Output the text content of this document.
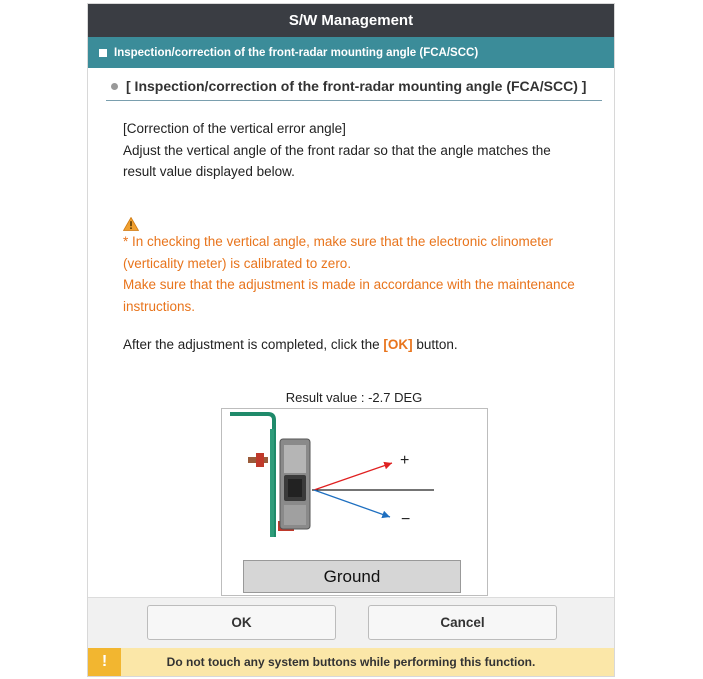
S/W Management
Inspection/correction of the front-radar mounting angle (FCA/SCC)
[ Inspection/correction of the front-radar mounting angle (FCA/SCC) ]
[Correction of the vertical error angle]
Adjust the vertical angle of the front radar so that the angle matches the
result value displayed below.
* In checking the vertical angle, make sure that the electronic clinometer
(verticality meter) is calibrated to zero.
Make sure that the adjustment is made in accordance with the maintenance
instructions.
After the adjustment is completed, click the [OK] button.
Result value : -2.7 DEG
+
−
Ground
OK	Cancel
!	Do not touch any system buttons while performing this function.
